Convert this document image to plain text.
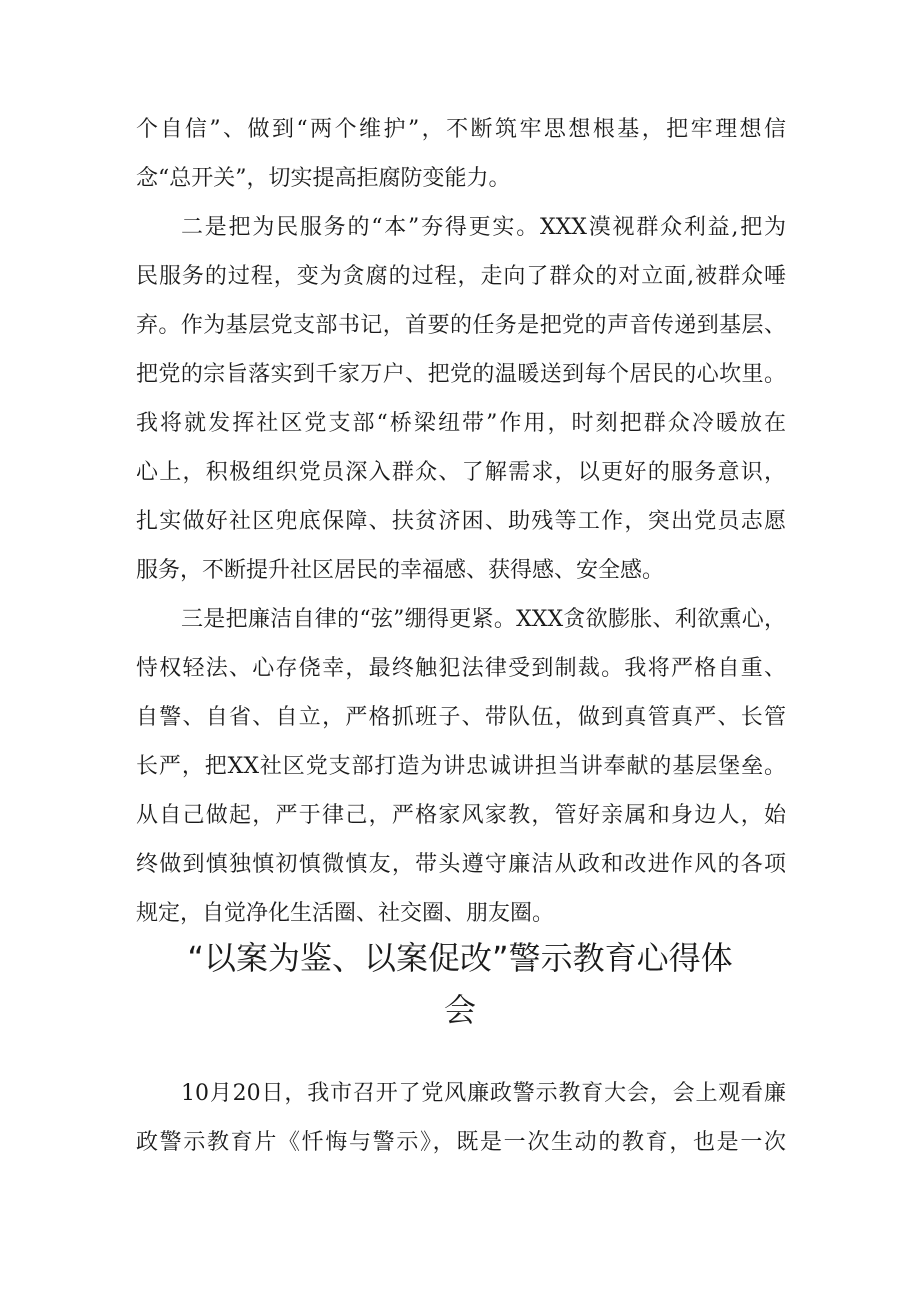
个自信”、做到“两个维护”，不断筑牢思想根基，把牢理想信
念“总开关”，切实提高拒腐防变能力。
二是把为民服务的“本”夯得更实。XXX漠视群众利益,把为
民服务的过程，变为贪腐的过程，走向了群众的对立面,被群众唾
弃。作为基层党支部书记，首要的任务是把党的声音传递到基层、
把党的宗旨落实到千家万户、把党的温暖送到每个居民的心坎里。
我将就发挥社区党支部“桥梁纽带”作用，时刻把群众冷暖放在
心上，积极组织党员深入群众、了解需求，以更好的服务意识，
扎实做好社区兜底保障、扶贫济困、助残等工作，突出党员志愿
服务，不断提升社区居民的幸福感、获得感、安全感。
三是把廉洁自律的“弦”绷得更紧。XXX贪欲膨胀、利欲熏心，
恃权轻法、心存侥幸，最终触犯法律受到制裁。我将严格自重、
自警、自省、自立，严格抓班子、带队伍，做到真管真严、长管
长严，把XX社区党支部打造为讲忠诚讲担当讲奉献的基层堡垒。
从自己做起，严于律己，严格家风家教，管好亲属和身边人，始
终做到慎独慎初慎微慎友，带头遵守廉洁从政和改进作风的各项
规定，自觉净化生活圈、社交圈、朋友圈。
“以案为鉴、以案促改”警示教育心得体
会
10月20日，我市召开了党风廉政警示教育大会，会上观看廉
政警示教育片《忏悔与警示》，既是一次生动的教育，也是一次
